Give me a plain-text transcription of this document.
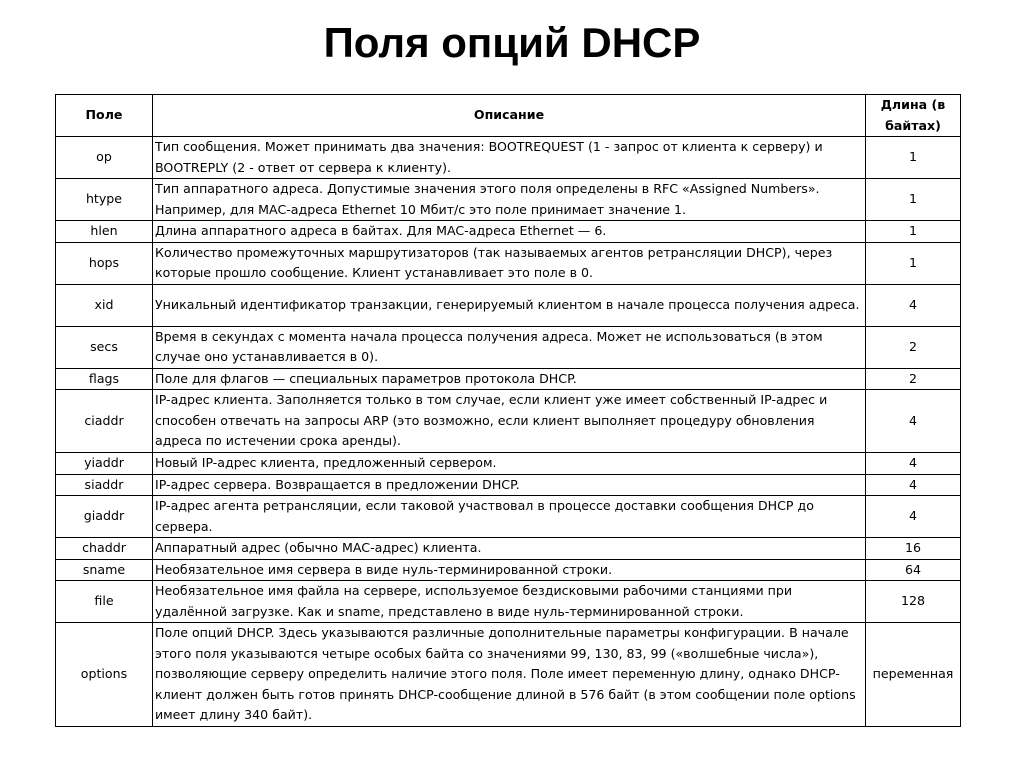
Поля опций DHCP
Поле	Описание	Длина (в байтах)
op	Тип сообщения. Может принимать два значения: BOOTREQUEST (1 - запрос от клиента к серверу) и BOOTREPLY (2 - ответ от сервера к клиенту).	1
htype	Тип аппаратного адреса. Допустимые значения этого поля определены в RFC «Assigned Numbers». Например, для MAC-адреса Ethernet 10 Мбит/с это поле принимает значение 1.	1
hlen	Длина аппаратного адреса в байтах. Для MAC-адреса Ethernet — 6.	1
hops	Количество промежуточных маршрутизаторов (так называемых агентов ретрансляции DHCP), через которые прошло сообщение. Клиент устанавливает это поле в 0.	1
xid	Уникальный идентификатор транзакции, генерируемый клиентом в начале процесса получения адреса.	4
secs	Время в секундах с момента начала процесса получения адреса. Может не использоваться (в этом случае оно устанавливается в 0).	2
flags	Поле для флагов — специальных параметров протокола DHCP.	2
ciaddr	IP-адрес клиента. Заполняется только в том случае, если клиент уже имеет собственный IP-адрес и способен отвечать на запросы ARP (это возможно, если клиент выполняет процедуру обновления адреса по истечении срока аренды).	4
yiaddr	Новый IP-адрес клиента, предложенный сервером.	4
siaddr	IP-адрес сервера. Возвращается в предложении DHCP.	4
giaddr	IP-адрес агента ретрансляции, если таковой участвовал в процессе доставки сообщения DHCP до сервера.	4
chaddr	Аппаратный адрес (обычно MAC-адрес) клиента.	16
sname	Необязательное имя сервера в виде нуль-терминированной строки.	64
file	Необязательное имя файла на сервере, используемое бездисковыми рабочими станциями при удалённой загрузке. Как и sname, представлено в виде нуль-терминированной строки.	128
options	Поле опций DHCP. Здесь указываются различные дополнительные параметры конфигурации. В начале этого поля указываются четыре особых байта со значениями 99, 130, 83, 99 («волшебные числа»), позволяющие серверу определить наличие этого поля. Поле имеет переменную длину, однако DHCP-клиент должен быть готов принять DHCP-сообщение длиной в 576 байт (в этом сообщении поле options имеет длину 340 байт).	переменная
